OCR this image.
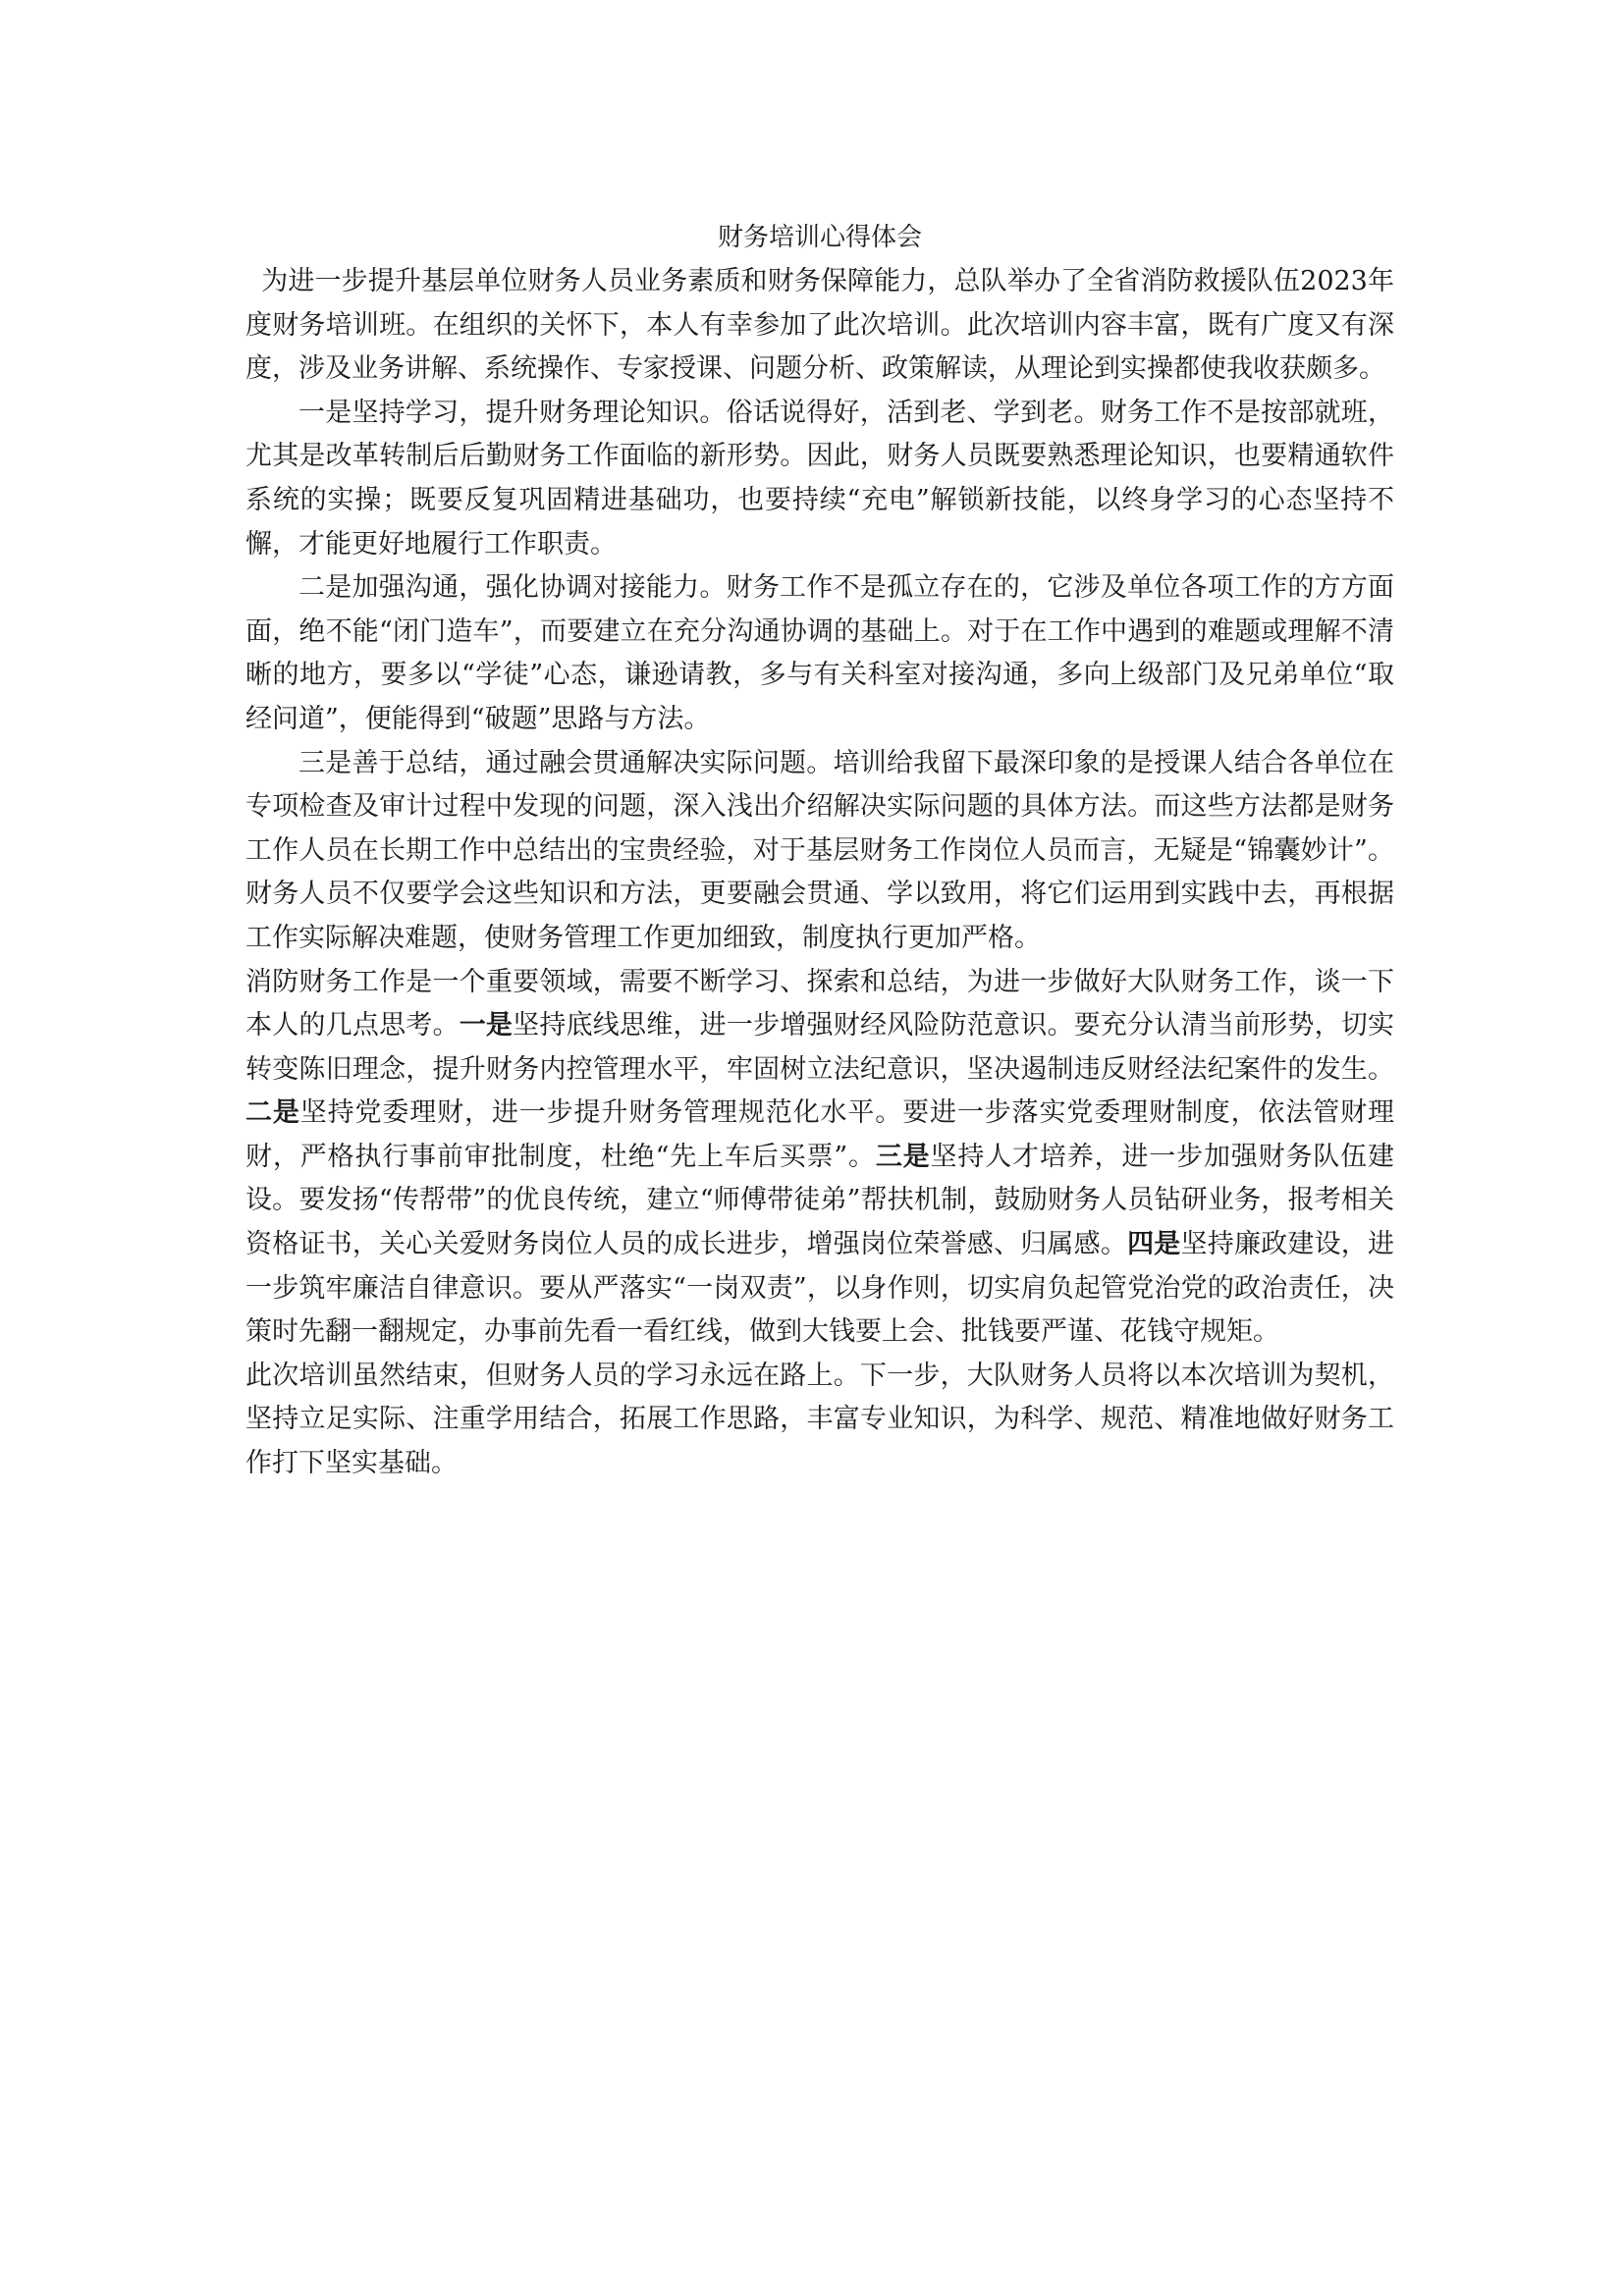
财务培训心得体会

为进一步提升基层单位财务人员业务素质和财务保障能力，总队举办了全省消防救援队伍2023年度财务培训班。在组织的关怀下，本人有幸参加了此次培训。此次培训内容丰富，既有广度又有深度，涉及业务讲解、系统操作、专家授课、问题分析、政策解读，从理论到实操都使我收获颇多。

一是坚持学习，提升财务理论知识。俗话说得好，活到老、学到老。财务工作不是按部就班，尤其是改革转制后后勤财务工作面临的新形势。因此，财务人员既要熟悉理论知识，也要精通软件系统的实操；既要反复巩固精进基础功，也要持续“充电”解锁新技能，以终身学习的心态坚持不懈，才能更好地履行工作职责。

二是加强沟通，强化协调对接能力。财务工作不是孤立存在的，它涉及单位各项工作的方方面面，绝不能“闭门造车”，而要建立在充分沟通协调的基础上。对于在工作中遇到的难题或理解不清晰的地方，要多以“学徒”心态，谦逊请教，多与有关科室对接沟通，多向上级部门及兄弟单位“取经问道”，便能得到“破题”思路与方法。

三是善于总结，通过融会贯通解决实际问题。培训给我留下最深印象的是授课人结合各单位在专项检查及审计过程中发现的问题，深入浅出介绍解决实际问题的具体方法。而这些方法都是财务工作人员在长期工作中总结出的宝贵经验，对于基层财务工作岗位人员而言，无疑是“锦囊妙计”。财务人员不仅要学会这些知识和方法，更要融会贯通、学以致用，将它们运用到实践中去，再根据工作实际解决难题，使财务管理工作更加细致，制度执行更加严格。

消防财务工作是一个重要领域，需要不断学习、探索和总结，为进一步做好大队财务工作，谈一下本人的几点思考。一是坚持底线思维，进一步增强财经风险防范意识。要充分认清当前形势，切实转变陈旧理念，提升财务内控管理水平，牢固树立法纪意识，坚决遏制违反财经法纪案件的发生。二是坚持党委理财，进一步提升财务管理规范化水平。要进一步落实党委理财制度，依法管财理财，严格执行事前审批制度，杜绝“先上车后买票”。三是坚持人才培养，进一步加强财务队伍建设。要发扬“传帮带”的优良传统，建立“师傅带徒弟”帮扶机制，鼓励财务人员钻研业务，报考相关资格证书，关心关爱财务岗位人员的成长进步，增强岗位荣誉感、归属感。四是坚持廉政建设，进一步筑牢廉洁自律意识。要从严落实“一岗双责”，以身作则，切实肩负起管党治党的政治责任，决策时先翻一翻规定，办事前先看一看红线，做到大钱要上会、批钱要严谨、花钱守规矩。

此次培训虽然结束，但财务人员的学习永远在路上。下一步，大队财务人员将以本次培训为契机，坚持立足实际、注重学用结合，拓展工作思路，丰富专业知识，为科学、规范、精准地做好财务工作打下坚实基础。
